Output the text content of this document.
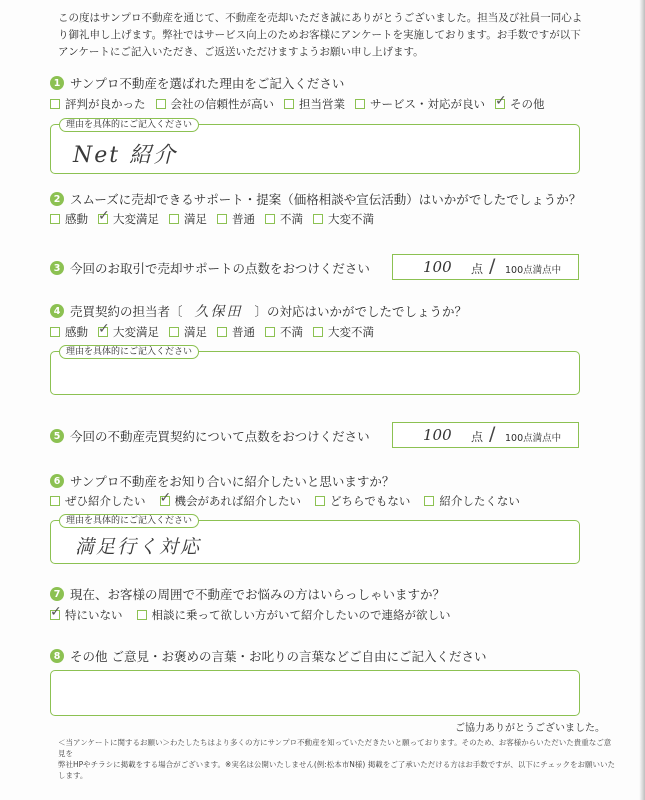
この度はサンプロ不動産を通じて、不動産を売却いただき誠にありがとうございました。担当及び社員一同心よ
り御礼申し上げます。弊社ではサービス向上のためお客様にアンケートを実施しております。お手数ですが以下
アンケートにご記入いただき、ご返送いただけますようお願い申し上げます。
1 サンプロ不動産を選ばれた理由をご記入ください
評判が良かった 会社の信頼性が高い 担当営業 サービス・対応が良い ✓ その他
理由を具体的にご記入ください
Net 紹介
2 スムーズに売却できるサポート・提案（価格相談や宣伝活動）はいかがでしたでしょうか？
感動 ✓ 大変満足 満足 普通 不満 大変不満
3 今回のお取引で売却サポートの点数をおつけください	100 点 / 100点満点中
4 売買契約の担当者〔 久保田 〕の対応はいかがでしたでしょうか？
感動 ✓ 大変満足 満足 普通 不満 大変不満
理由を具体的にご記入ください
5 今回の不動産売買契約について点数をおつけください	100 点 / 100点満点中
6 サンプロ不動産をお知り合いに紹介したいと思いますか？
ぜひ紹介したい ✓ 機会があれば紹介したい	どちらでもない	紹介したくない
理由を具体的にご記入ください
満足行く対応
7 現在、お客様の周囲で不動産でお悩みの方はいらっしゃいますか？
✓ 特にいない	相談に乗って欲しい方がいて紹介したいので連絡が欲しい
8 その他 ご意見・お褒めの言葉・お叱りの言葉などご自由にご記入ください
ご協力ありがとうございました。
＜当アンケートに関するお願い＞わたしたちはより多くの方にサンプロ不動産を知っていただきたいと願っております。そのため、お客様からいただいた貴重なご意見を
弊社HPやチラシに掲載をする場合がございます。※実名は公開いたしません(例:松本市N様) 掲載をご了承いただける方はお手数ですが、以下にチェックをお願いいたします。
